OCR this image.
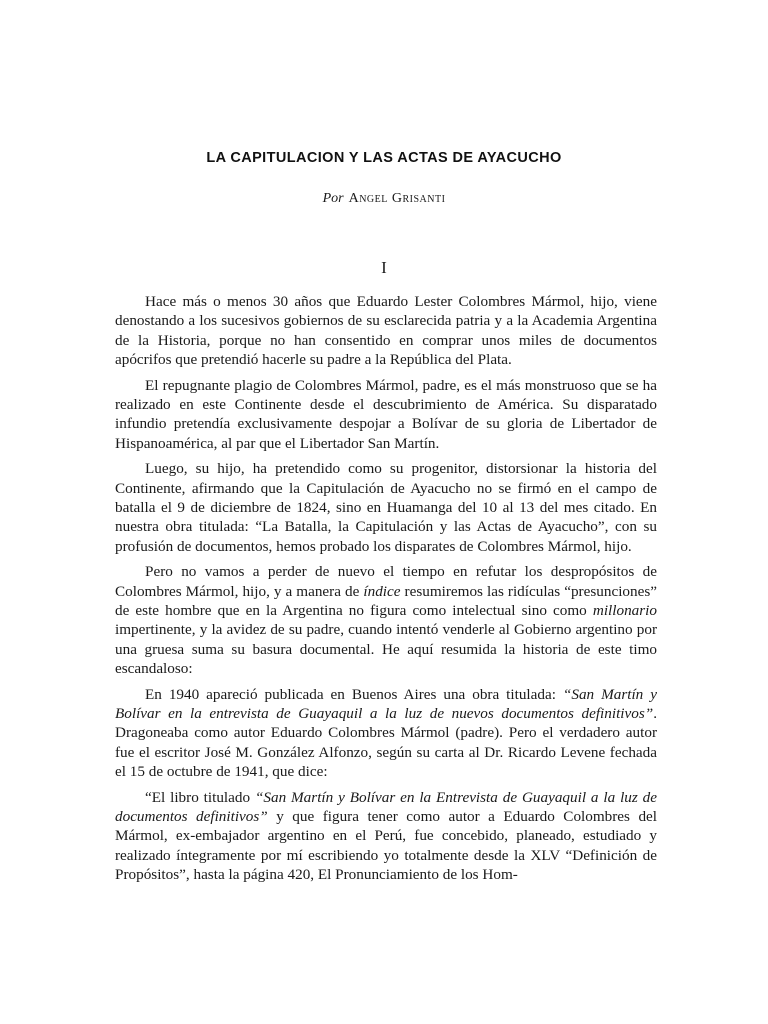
LA CAPITULACION Y LAS ACTAS DE AYACUCHO
Por Angel Grisanti
I

Hace más o menos 30 años que Eduardo Lester Colombres Mármol, hijo, viene denostando a los sucesivos gobiernos de su esclarecida patria y a la Academia Argentina de la Historia, porque no han consentido en comprar unos miles de documentos apócrifos que pretendió hacerle su padre a la República del Plata.

El repugnante plagio de Colombres Mármol, padre, es el más monstruoso que se ha realizado en este Continente desde el descubrimiento de América. Su disparatado infundio pretendía exclusivamente despojar a Bolívar de su gloria de Libertador de Hispanoamérica, al par que el Libertador San Martín.

Luego, su hijo, ha pretendido como su progenitor, distorsionar la historia del Continente, afirmando que la Capitulación de Ayacucho no se firmó en el campo de batalla el 9 de diciembre de 1824, sino en Huamanga del 10 al 13 del mes citado. En nuestra obra titulada: “La Batalla, la Capitulación y las Actas de Ayacucho”, con su profusión de documentos, hemos probado los disparates de Colombres Mármol, hijo.

Pero no vamos a perder de nuevo el tiempo en refutar los despropósitos de Colombres Mármol, hijo, y a manera de índice resumiremos las ridículas “presunciones” de este hombre que en la Argentina no figura como intelectual sino como millonario impertinente, y la avidez de su padre, cuando intentó venderle al Gobierno argentino por una gruesa suma su basura documental. He aquí resumida la historia de este timo escandaloso:

En 1940 apareció publicada en Buenos Aires una obra titulada: “San Martín y Bolívar en la entrevista de Guayaquil a la luz de nuevos documentos definitivos”. Dragoneaba como autor Eduardo Colombres Mármol (padre). Pero el verdadero autor fue el escritor José M. González Alfonzo, según su carta al Dr. Ricardo Levene fechada el 15 de octubre de 1941, que dice:

“El libro titulado “San Martín y Bolívar en la Entrevista de Guayaquil a la luz de documentos definitivos” y que figura tener como autor a Eduardo Colombres del Mármol, ex-embajador argentino en el Perú, fue concebido, planeado, estudiado y realizado íntegramente por mí escribiendo yo totalmente desde la XLV “Definición de Propósitos”, hasta la página 420, El Pronunciamiento de los Hom-
